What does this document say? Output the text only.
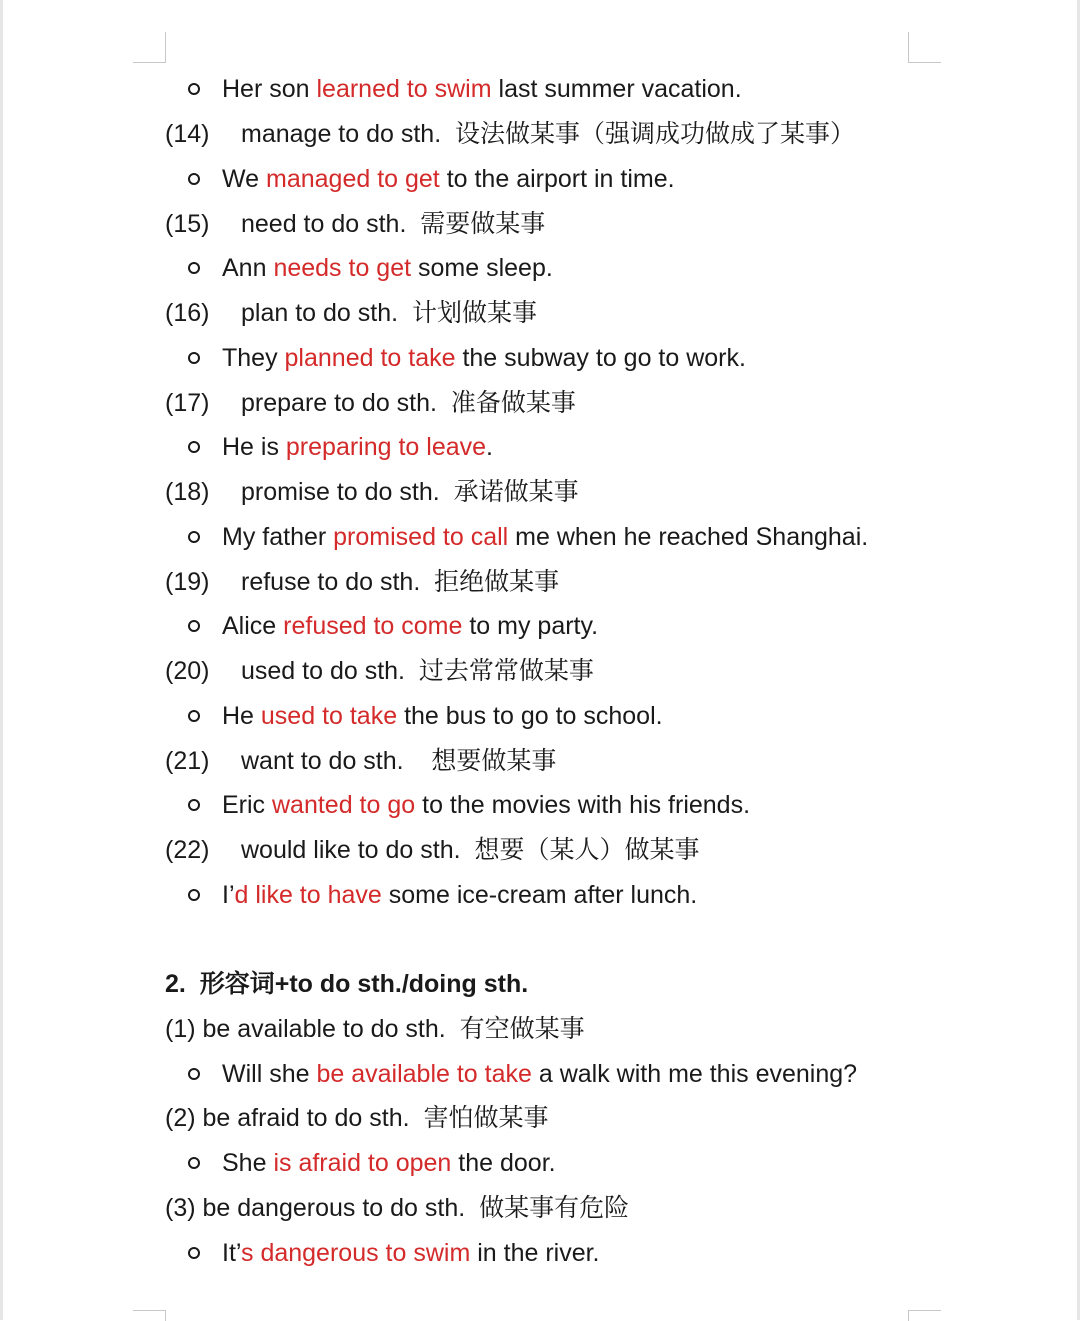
Her son learned to swim last summer vacation.
(14) manage to do sth.  设法做某事（强调成功做成了某事）
We managed to get to the airport in time.
(15) need to do sth.  需要做某事
Ann needs to get some sleep.
(16) plan to do sth.  计划做某事
They planned to take the subway to go to work.
(17) prepare to do sth.  准备做某事
He is preparing to leave.
(18) promise to do sth.  承诺做某事
My father promised to call me when he reached Shanghai.
(19) refuse to do sth.  拒绝做某事
Alice refused to come to my party.
(20) used to do sth.  过去常常做某事
He used to take the bus to go to school.
(21) want to do sth.    想要做某事
Eric wanted to go to the movies with his friends.
(22) would like to do sth.  想要（某人）做某事
I’d like to have some ice-cream after lunch.
2.  形容词+to do sth./doing sth.
(1) be available to do sth.  有空做某事
Will she be available to take a walk with me this evening?
(2) be afraid to do sth.  害怕做某事
She is afraid to open the door.
(3) be dangerous to do sth.  做某事有危险
It’s dangerous to swim in the river.
